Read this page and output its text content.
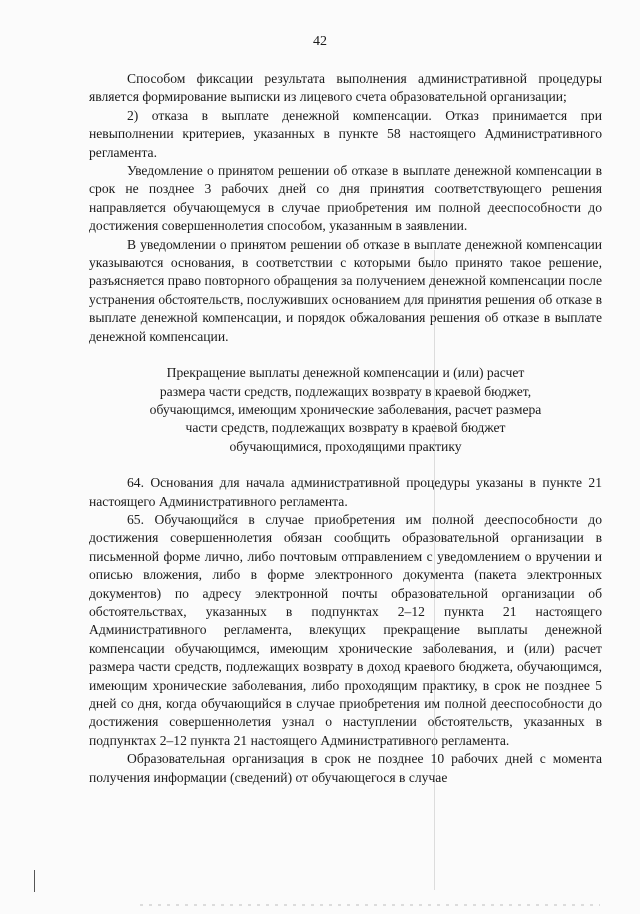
42

Способом фиксации результата выполнения административной процедуры является формирование выписки из лицевого счета образовательной организации;

2) отказа в выплате денежной компенсации. Отказ принимается при невыполнении критериев, указанных в пункте 58 настоящего Административного регламента.

Уведомление о принятом решении об отказе в выплате денежной компенсации в срок не позднее 3 рабочих дней со дня принятия соответствующего решения направляется обучающемуся в случае приобретения им полной дееспособности до достижения совершеннолетия способом, указанным в заявлении.

В уведомлении о принятом решении об отказе в выплате денежной компенсации указываются основания, в соответствии с которыми было принято такое решение, разъясняется право повторного обращения за получением денежной компенсации после устранения обстоятельств, послуживших основанием для принятия решения об отказе в выплате денежной компенсации, и порядок обжалования решения об отказе в выплате денежной компенсации.

Прекращение выплаты денежной компенсации и (или) расчет
размера части средств, подлежащих возврату в краевой бюджет,
обучающимся, имеющим хронические заболевания, расчет размера
части средств, подлежащих возврату в краевой бюджет
обучающимися, проходящими практику

64. Основания для начала административной процедуры указаны в пункте 21 настоящего Административного регламента.

65. Обучающийся в случае приобретения им полной дееспособности до достижения совершеннолетия обязан сообщить образовательной организации в письменной форме лично, либо почтовым отправлением с уведомлением о вручении и описью вложения, либо в форме электронного документа (пакета электронных документов) по адресу электронной почты образовательной организации об обстоятельствах, указанных в подпунктах 2–12 пункта 21 настоящего Административного регламента, влекущих прекращение выплаты денежной компенсации обучающимся, имеющим хронические заболевания, и (или) расчет размера части средств, подлежащих возврату в доход краевого бюджета, обучающимся, имеющим хронические заболевания, либо проходящим практику, в срок не позднее 5 дней со дня, когда обучающийся в случае приобретения им полной дееспособности до достижения совершеннолетия узнал о наступлении обстоятельств, указанных в подпунктах 2–12 пункта 21 настоящего Административного регламента.

Образовательная организация в срок не позднее 10 рабочих дней с момента получения информации (сведений) от обучающегося в случае
